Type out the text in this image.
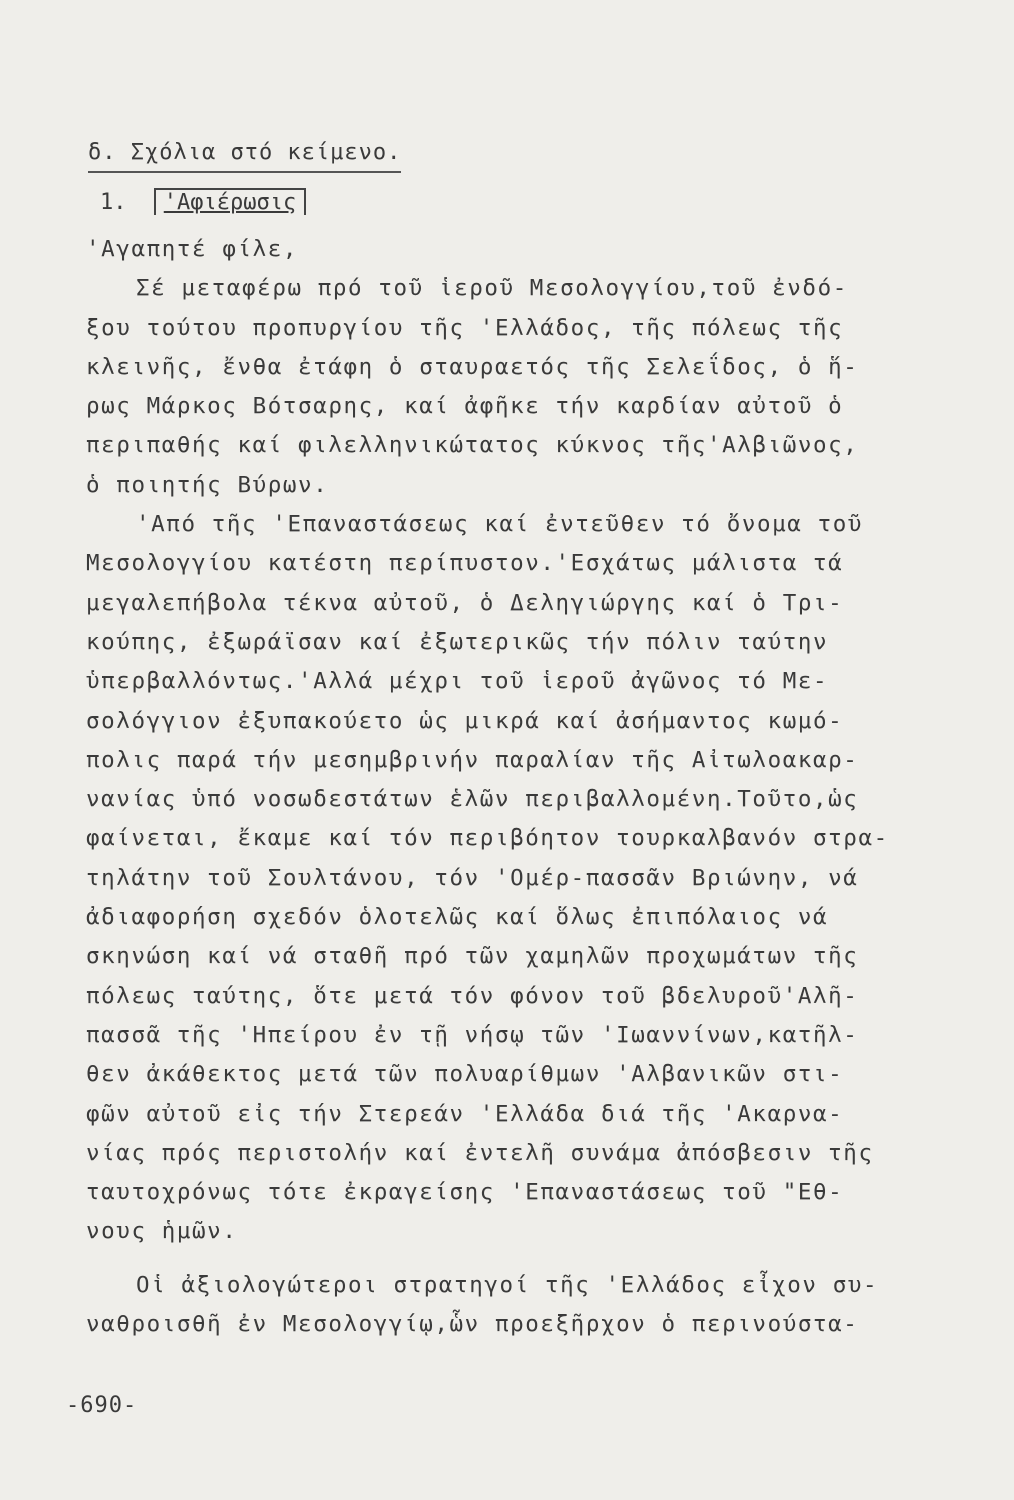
δ. Σχόλια στό κείμενο.
1. 'Αφιέρωσις
'Αγαπητέ φίλε,
Σέ μεταφέρω πρό τοῦ ἱεροῦ Μεσολογγίου,τοῦ ἐνδό-
ξου τούτου προπυργίου τῆς 'Ελλάδος, τῆς πόλεως τῆς
κλεινῆς, ἔνθα ἐτάφη ὁ σταυραετός τῆς Σελεΐδος, ὁ ἥ-
ρως Μάρκος Βότσαρης, καί ἀφῆκε τήν καρδίαν αὐτοῦ ὁ
περιπαθής καί φιλελληνικώτατος κύκνος τῆς'Αλβιῶνος,
ὁ ποιητής Βύρων.
'Από τῆς 'Επαναστάσεως καί ἐντεῦθεν τό ὄνομα τοῦ
Μεσολογγίου κατέστη περίπυστον.'Εσχάτως μάλιστα τά
μεγαλεπήβολα τέκνα αὐτοῦ, ὁ Δεληγιώργης καί ὁ Τρι-
κούπης, ἐξωράϊσαν καί ἐξωτερικῶς τήν πόλιν ταύτην
ὑπερβαλλόντως.'Αλλά μέχρι τοῦ ἱεροῦ ἀγῶνος τό Με-
σολόγγιον ἐξυπακούετο ὡς μικρά καί ἀσήμαντος κωμό-
πολις παρά τήν μεσημβρινήν παραλίαν τῆς Αἰτωλοακαρ-
νανίας ὑπό νοσωδεστάτων ἑλῶν περιβαλλομένη.Τοῦτο,ὡς
φαίνεται, ἔκαμε καί τόν περιβόητον τουρκαλβανόν στρα-
τηλάτην τοῦ Σουλτάνου, τόν 'Ομέρ-πασσᾶν Βριώνην, νά
ἀδιαφορήση σχεδόν ὁλοτελῶς καί ὅλως ἐπιπόλαιος νά
σκηνώση καί νά σταθῆ πρό τῶν χαμηλῶν προχωμάτων τῆς
πόλεως ταύτης, ὅτε μετά τόν φόνον τοῦ βδελυροῦ'Αλῆ-
πασσᾶ τῆς 'Ηπείρου ἐν τῇ νήσῳ τῶν 'Ιωαννίνων,κατῆλ-
θεν ἀκάθεκτος μετά τῶν πολυαρίθμων 'Αλβανικῶν στι-
φῶν αὐτοῦ εἰς τήν Στερεάν 'Ελλάδα διά τῆς 'Ακαρνα-
νίας πρός περιστολήν καί ἐντελῆ συνάμα ἀπόσβεσιν τῆς
ταυτοχρόνως τότε ἐκραγείσης 'Επαναστάσεως τοῦ "Εθ-
νους ἡμῶν.
Οἱ ἀξιολογώτεροι στρατηγοί τῆς 'Ελλάδος εἶχον συ-
ναθροισθῆ ἐν Μεσολογγίῳ,ὧν προεξῆρχον ὁ περινούστα-
-690-
